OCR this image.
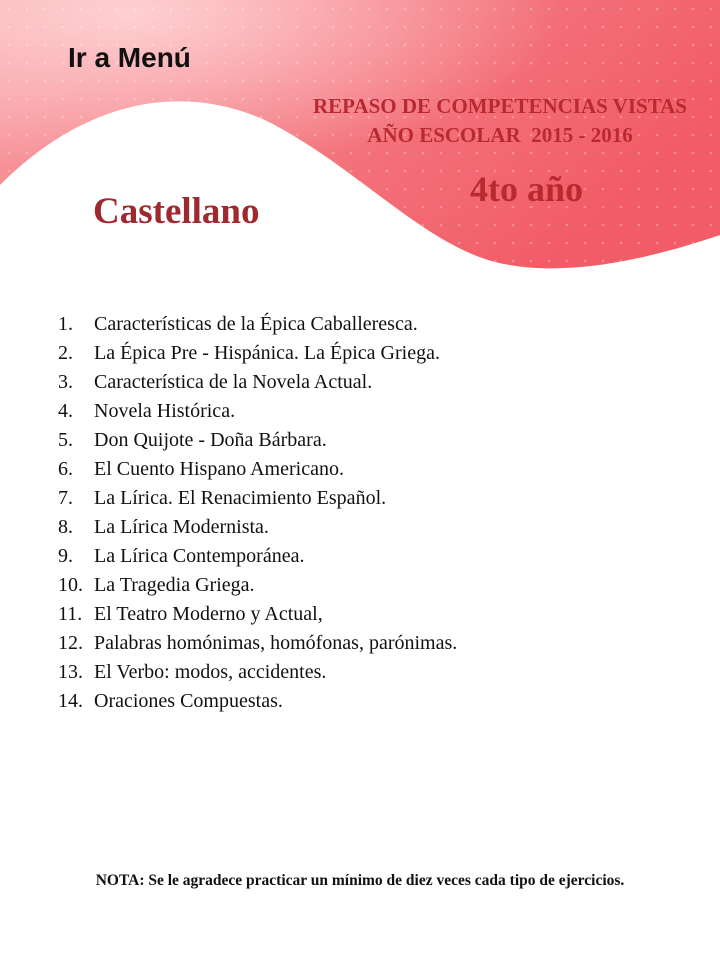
Ir a Menú
REPASO DE COMPETENCIAS VISTAS
AÑO ESCOLAR  2015 - 2016
4to año
Castellano
1.	Características de la Épica Caballeresca.
2.	La Épica Pre - Hispánica. La Épica Griega.
3.	Característica de la Novela Actual.
4.	Novela Histórica.
5.	Don Quijote - Doña Bárbara.
6.	El Cuento Hispano Americano.
7.	La Lírica. El Renacimiento Español.
8.	La Lírica Modernista.
9.	La Lírica Contemporánea.
10. La Tragedia Griega.
11. El Teatro Moderno y Actual,
12. Palabras homónimas, homófonas, parónimas.
13. El Verbo: modos, accidentes.
14. Oraciones Compuestas.
NOTA: Se le agradece practicar un mínimo de diez veces cada tipo de ejercicios.
